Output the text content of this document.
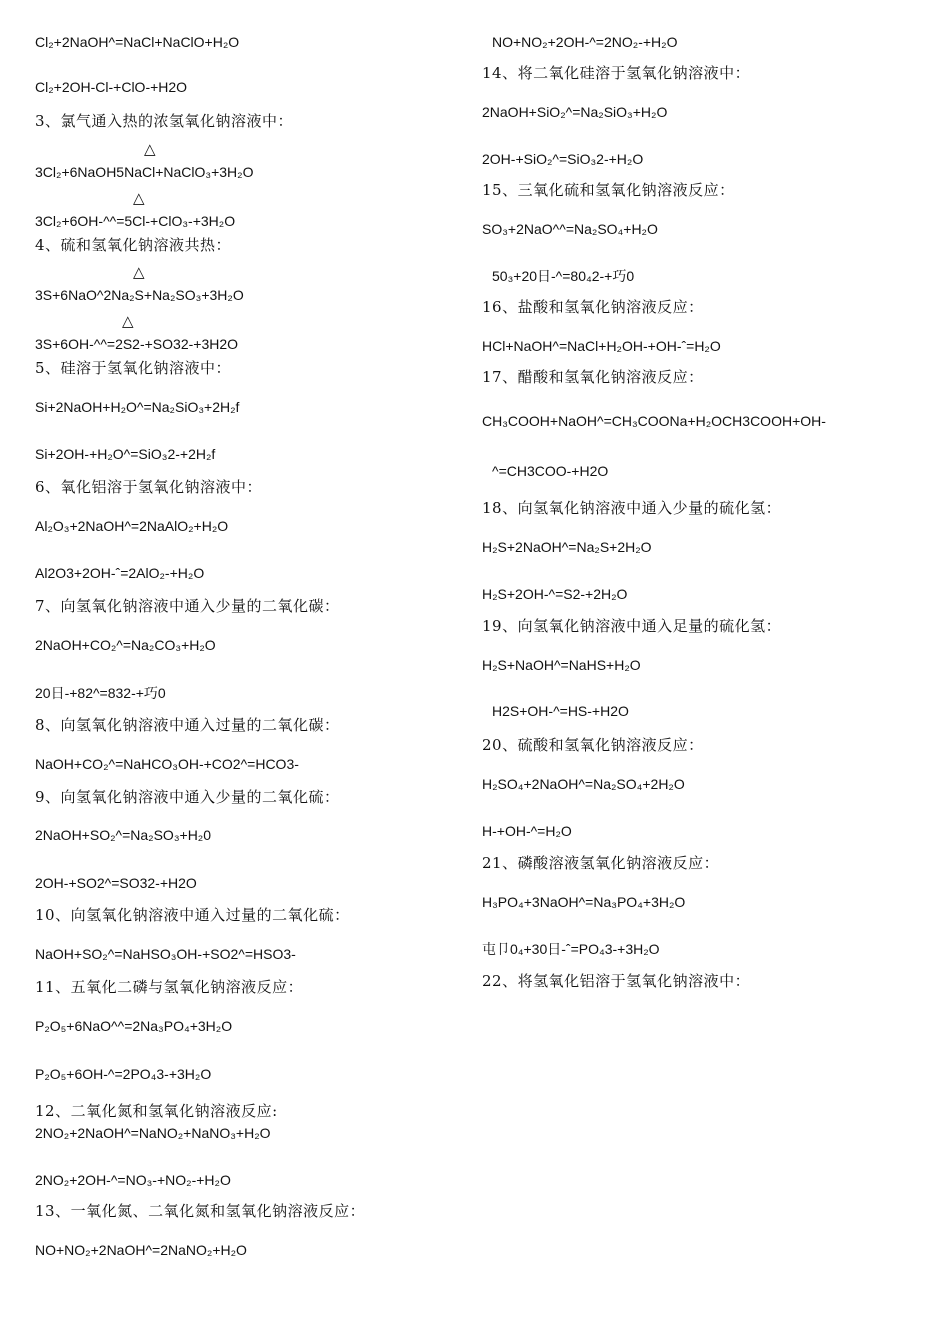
Cl₂+2NaOH^=NaCl+NaClO+H₂O
Cl₂+2OH-Cl-+ClO-+H2O
3、氯气通入热的浓氢氧化钠溶液中：
△
3Cl₂+6NaOH5NaCl+NaClO₃+3H₂O
△
3Cl₂+6OH-^^=5Cl-+ClO₃-+3H₂O
4、硫和氢氧化钠溶液共热：
△
3S+6NaO^2Na₂S+Na₂SO₃+3H₂O
△
3S+6OH-^^=2S2-+SO32-+3H2O
5、硅溶于氢氧化钠溶液中：
Si+2NaOH+H₂O^=Na₂SiO₃+2H₂f
Si+2OH-+H₂O^=SiO₃2-+2H₂f
6、氧化铝溶于氢氧化钠溶液中：
Al₂O₃+2NaOH^=2NaAlO₂+H₂O
Al2O3+2OH-ˆ=2AlO₂-+H₂O
7、向氢氧化钠溶液中通入少量的二氧化碳：
2NaOH+CO₂^=Na₂CO₃+H₂O
20日-+82^=832-+巧0
8、向氢氧化钠溶液中通入过量的二氧化碳：
NaOH+CO₂^=NaHCO₃OH-+CO2^=HCO3-
9、向氢氧化钠溶液中通入少量的二氧化硫：
2NaOH+SO₂^=Na₂SO₃+H₂0
2OH-+SO2^=SO32-+H2O
10、向氢氧化钠溶液中通入过量的二氧化硫：
NaOH+SO₂^=NaHSO₃OH-+SO2^=HSO3-
11、五氧化二磷与氢氧化钠溶液反应：
P₂O₅+6NaO^^=2Na₃PO₄+3H₂O
P₂O₅+6OH-^=2PO₄3-+3H₂O
12、二氧化氮和氢氧化钠溶液反应:
2NO₂+2NaOH^=NaNO₂+NaNO₃+H₂O
2NO₂+2OH-^=NO₃-+NO₂-+H₂O
13、一氧化氮、二氧化氮和氢氧化钠溶液反应：
NO+NO₂+2NaOH^=2NaNO₂+H₂O
NO+NO₂+2OH-^=2NO₂-+H₂O
14、将二氧化硅溶于氢氧化钠溶液中：
2NaOH+SiO₂^=Na₂SiO₃+H₂O
2OH-+SiO₂^=SiO₃2-+H₂O
15、三氧化硫和氢氧化钠溶液反应：
SO₃+2NaO^^=Na₂SO₄+H₂O
50₃+20日-^=80₄2-+巧0
16、盐酸和氢氧化钠溶液反应：
HCl+NaOH^=NaCl+H₂OH-+OH-ˆ=H₂O
17、醋酸和氢氧化钠溶液反应：
CH₃COOH+NaOH^=CH₃COONa+H₂OCH3COOH+OH-
^=CH3COO-+H2O
18、向氢氧化钠溶液中通入少量的硫化氢：
H₂S+2NaOH^=Na₂S+2H₂O
H₂S+2OH-^=S2-+2H₂O
19、向氢氧化钠溶液中通入足量的硫化氢：
H₂S+NaOH^=NaHS+H₂O
H2S+OH-^=HS-+H2O
20、硫酸和氢氧化钠溶液反应：
H₂SO₄+2NaOH^=Na₂SO₄+2H₂O
H-+OH-^=H₂O
21、磷酸溶液氢氧化钠溶液反应：
H₃PO₄+3NaOH^=Na₃PO₄+3H₂O
屯卩0₄+30日-ˆ=PO₄3-+3H₂O
22、将氢氧化铝溶于氢氧化钠溶液中：
